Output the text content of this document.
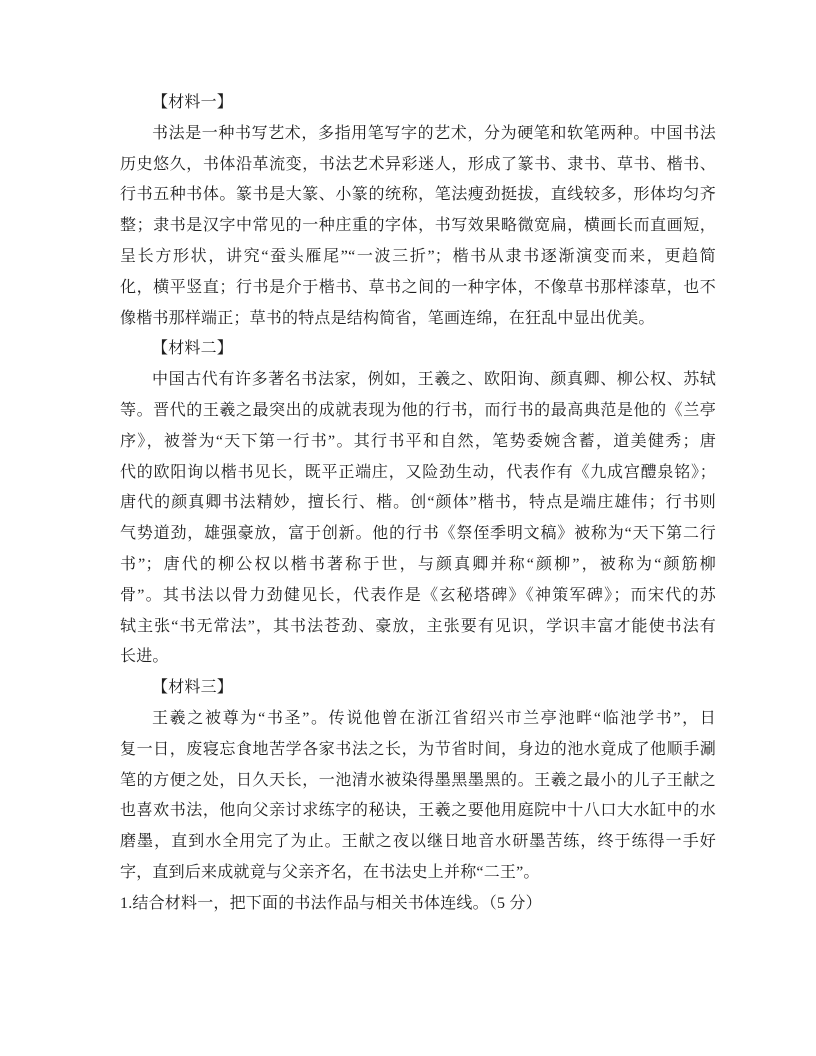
【材料一】
书法是一种书写艺术，多指用笔写字的艺术，分为硬笔和软笔两种。中国书法
历史悠久，书体沿革流变，书法艺术异彩迷人，形成了篆书、隶书、草书、楷书、
行书五种书体。篆书是大篆、小篆的统称，笔法瘦劲挺拔，直线较多，形体均匀齐
整；隶书是汉字中常见的一种庄重的字体，书写效果略微宽扁，横画长而直画短，
呈长方形状，讲究“蚕头雁尾”“一波三折”；楷书从隶书逐渐演变而来，更趋简
化，横平竖直；行书是介于楷书、草书之间的一种字体，不像草书那样漆草，也不
像楷书那样端正；草书的特点是结构简省，笔画连绵，在狂乱中显出优美。
【材料二】
中国古代有许多著名书法家，例如，王羲之、欧阳询、颜真卿、柳公权、苏轼
等。晋代的王羲之最突出的成就表现为他的行书，而行书的最高典范是他的《兰亭
序》，被誉为“天下第一行书”。其行书平和自然，笔势委婉含蓄，道美健秀；唐
代的欧阳询以楷书见长，既平正端庄，又险劲生动，代表作有《九成宫醴泉铭》；
唐代的颜真卿书法精妙，擅长行、楷。创“颜体”楷书，特点是端庄雄伟；行书则
气势道劲，雄强豪放，富于创新。他的行书《祭侄季明文稿》被称为“天下第二行
书”；唐代的柳公权以楷书著称于世，与颜真卿并称“颜柳”，被称为“颜筋柳
骨”。其书法以骨力劲健见长，代表作是《玄秘塔碑》《神策军碑》；而宋代的苏
轼主张“书无常法”，其书法苍劲、豪放，主张要有见识，学识丰富才能使书法有
长进。
【材料三】
王羲之被尊为“书圣”。传说他曾在浙江省绍兴市兰亭池畔“临池学书”，日
复一日，废寝忘食地苦学各家书法之长，为节省时间，身边的池水竟成了他顺手涮
笔的方便之处，日久天长，一池清水被染得墨黑墨黑的。王羲之最小的儿子王献之
也喜欢书法，他向父亲讨求练字的秘诀，王羲之要他用庭院中十八口大水缸中的水
磨墨，直到水全用完了为止。王献之夜以继日地音水研墨苦练，终于练得一手好
字，直到后来成就竟与父亲齐名，在书法史上并称“二王”。
1.结合材料一，把下面的书法作品与相关书体连线。（5 分）
